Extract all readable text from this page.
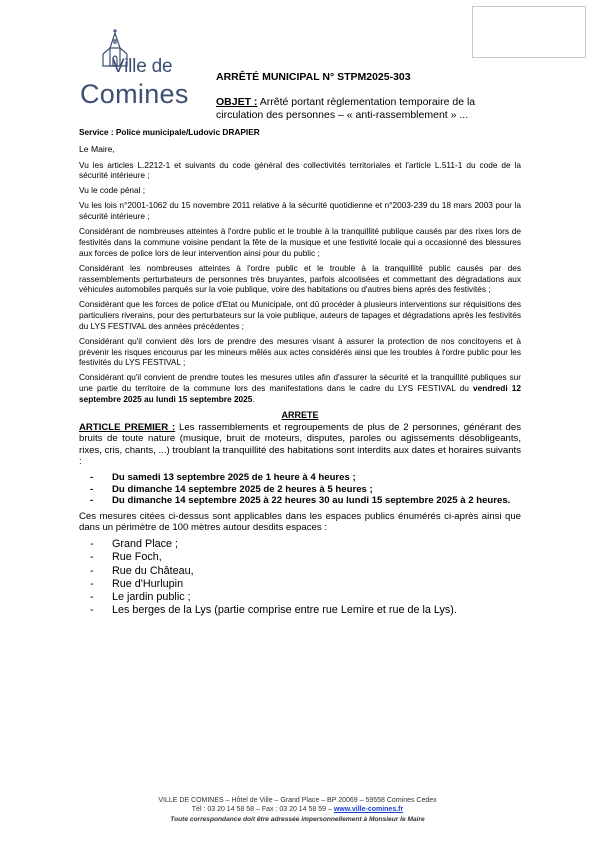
Ville de
Comines
ARRÊTÉ MUNICIPAL N° STPM2025-303
OBJET : Arrêté portant règlementation temporaire de la circulation des personnes – « anti-rassemblement » ...

Service : Police municipale/Ludovic DRAPIER

Le Maire,

Vu les articles L.2212-1 et suivants du code général des collectivités territoriales et l'article L.511-1 du code de la sécurité intérieure ;

Vu le code pénal ;

Vu les lois n°2001-1062 du 15 novembre 2011 relative à la sécurité quotidienne et n°2003-239 du 18 mars 2003 pour la sécurité intérieure ;

Considérant de nombreuses atteintes à l'ordre public et le trouble à la tranquillité publique causés par des rixes lors de festivités dans la commune voisine pendant la fête de la musique et une festivité locale qui a occasionné des blessures aux forces de police lors de leur intervention ainsi pour du public ;

Considérant les nombreuses atteintes à l'ordre public et le trouble à la tranquillité public causés par des rassemblements perturbateurs de personnes très bruyantes, parfois alcoolisées et commettant des dégradations aux véhicules automobiles parqués sur la voie publique, voire des habitations ou d'autres biens après des festivités ;

Considérant que les forces de police d'Etat ou Municipale, ont dû procéder à plusieurs interventions sur réquisitions des particuliers riverains, pour des perturbateurs sur la voie publique, auteurs de tapages et dégradations après les festivités du LYS FESTIVAL des années précédentes ;

Considérant qu'il convient dès lors de prendre des mesures visant à assurer la protection de nos concitoyens et à prévenir les risques encourus par les mineurs mêlés aux actes considérés ainsi que les troubles à l'ordre public pour les festivités du LYS FESTIVAL ;

Considérant qu'il convient de prendre toutes les mesures utiles afin d'assurer la sécurité et la tranquillité publiques sur une partie du territoire de la commune lors des manifestations dans le cadre du LYS FESTIVAL du vendredi 12 septembre 2025 au lundi 15 septembre 2025.

ARRETE
ARTICLE PREMIER : Les rassemblements et regroupements de plus de 2 personnes, générant des bruits de toute nature (musique, bruit de moteurs, disputes, paroles ou agissements désobligeants, rixes, cris, chants, ...) troublant la tranquillité des habitations sont interdits aux dates et horaires suivants :
- Du samedi 13 septembre 2025 de 1 heure à 4 heures ;
- Du dimanche 14 septembre 2025 de 2 heures à 5 heures ;
- Du dimanche 14 septembre 2025 à 22 heures 30 au lundi 15 septembre 2025 à 2 heures.
Ces mesures citées ci-dessus sont applicables dans les espaces publics énumérés ci-après ainsi que dans un périmètre de 100 mètres autour desdits espaces :
- Grand Place ;
- Rue Foch,
- Rue du Château,
- Rue d'Hurlupin
- Le jardin public ;
- Les berges de la Lys (partie comprise entre rue Lemire et rue de la Lys).
VILLE DE COMINES – Hôtel de Ville – Grand Place – BP 20069 – 59558 Comines Cedex
Tél : 03 20 14 58 58 – Fax : 03 20 14 58 59 – www.ville-comines.fr
Toute correspondance doit être adressée impersonnellement à Monsieur le Maire
